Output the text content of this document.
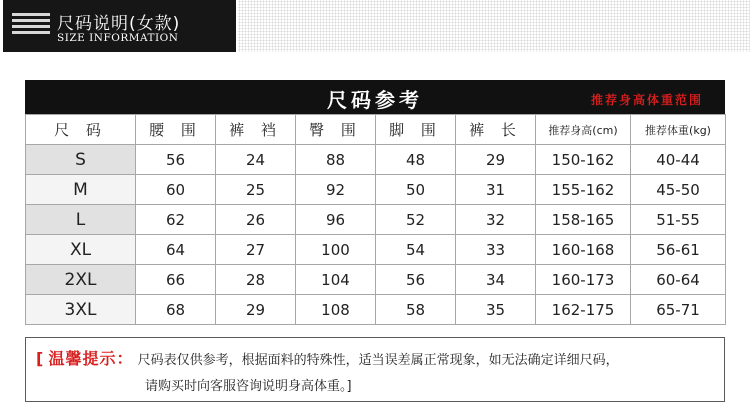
尺码说明(女款)
SIZE INFORMATION
尺码参考	推荐身高体重范围
尺 码	腰 围	裤 裆	臀 围	脚 围	裤 长	推荐身高(cm)	推荐体重(kg)
S	56	24	88	48	29	150-162	40-44
M	60	25	92	50	31	155-162	45-50
L	62	26	96	52	32	158-165	51-55
XL	64	27	100	54	33	160-168	56-61
2XL	66	28	104	56	34	160-173	60-64
3XL	68	29	108	58	35	162-175	65-71
[ 温馨提示： 尺码表仅供参考，根据面料的特殊性，适当误差属正常现象，如无法确定详细尺码，
请购买时向客服咨询说明身高体重。]
